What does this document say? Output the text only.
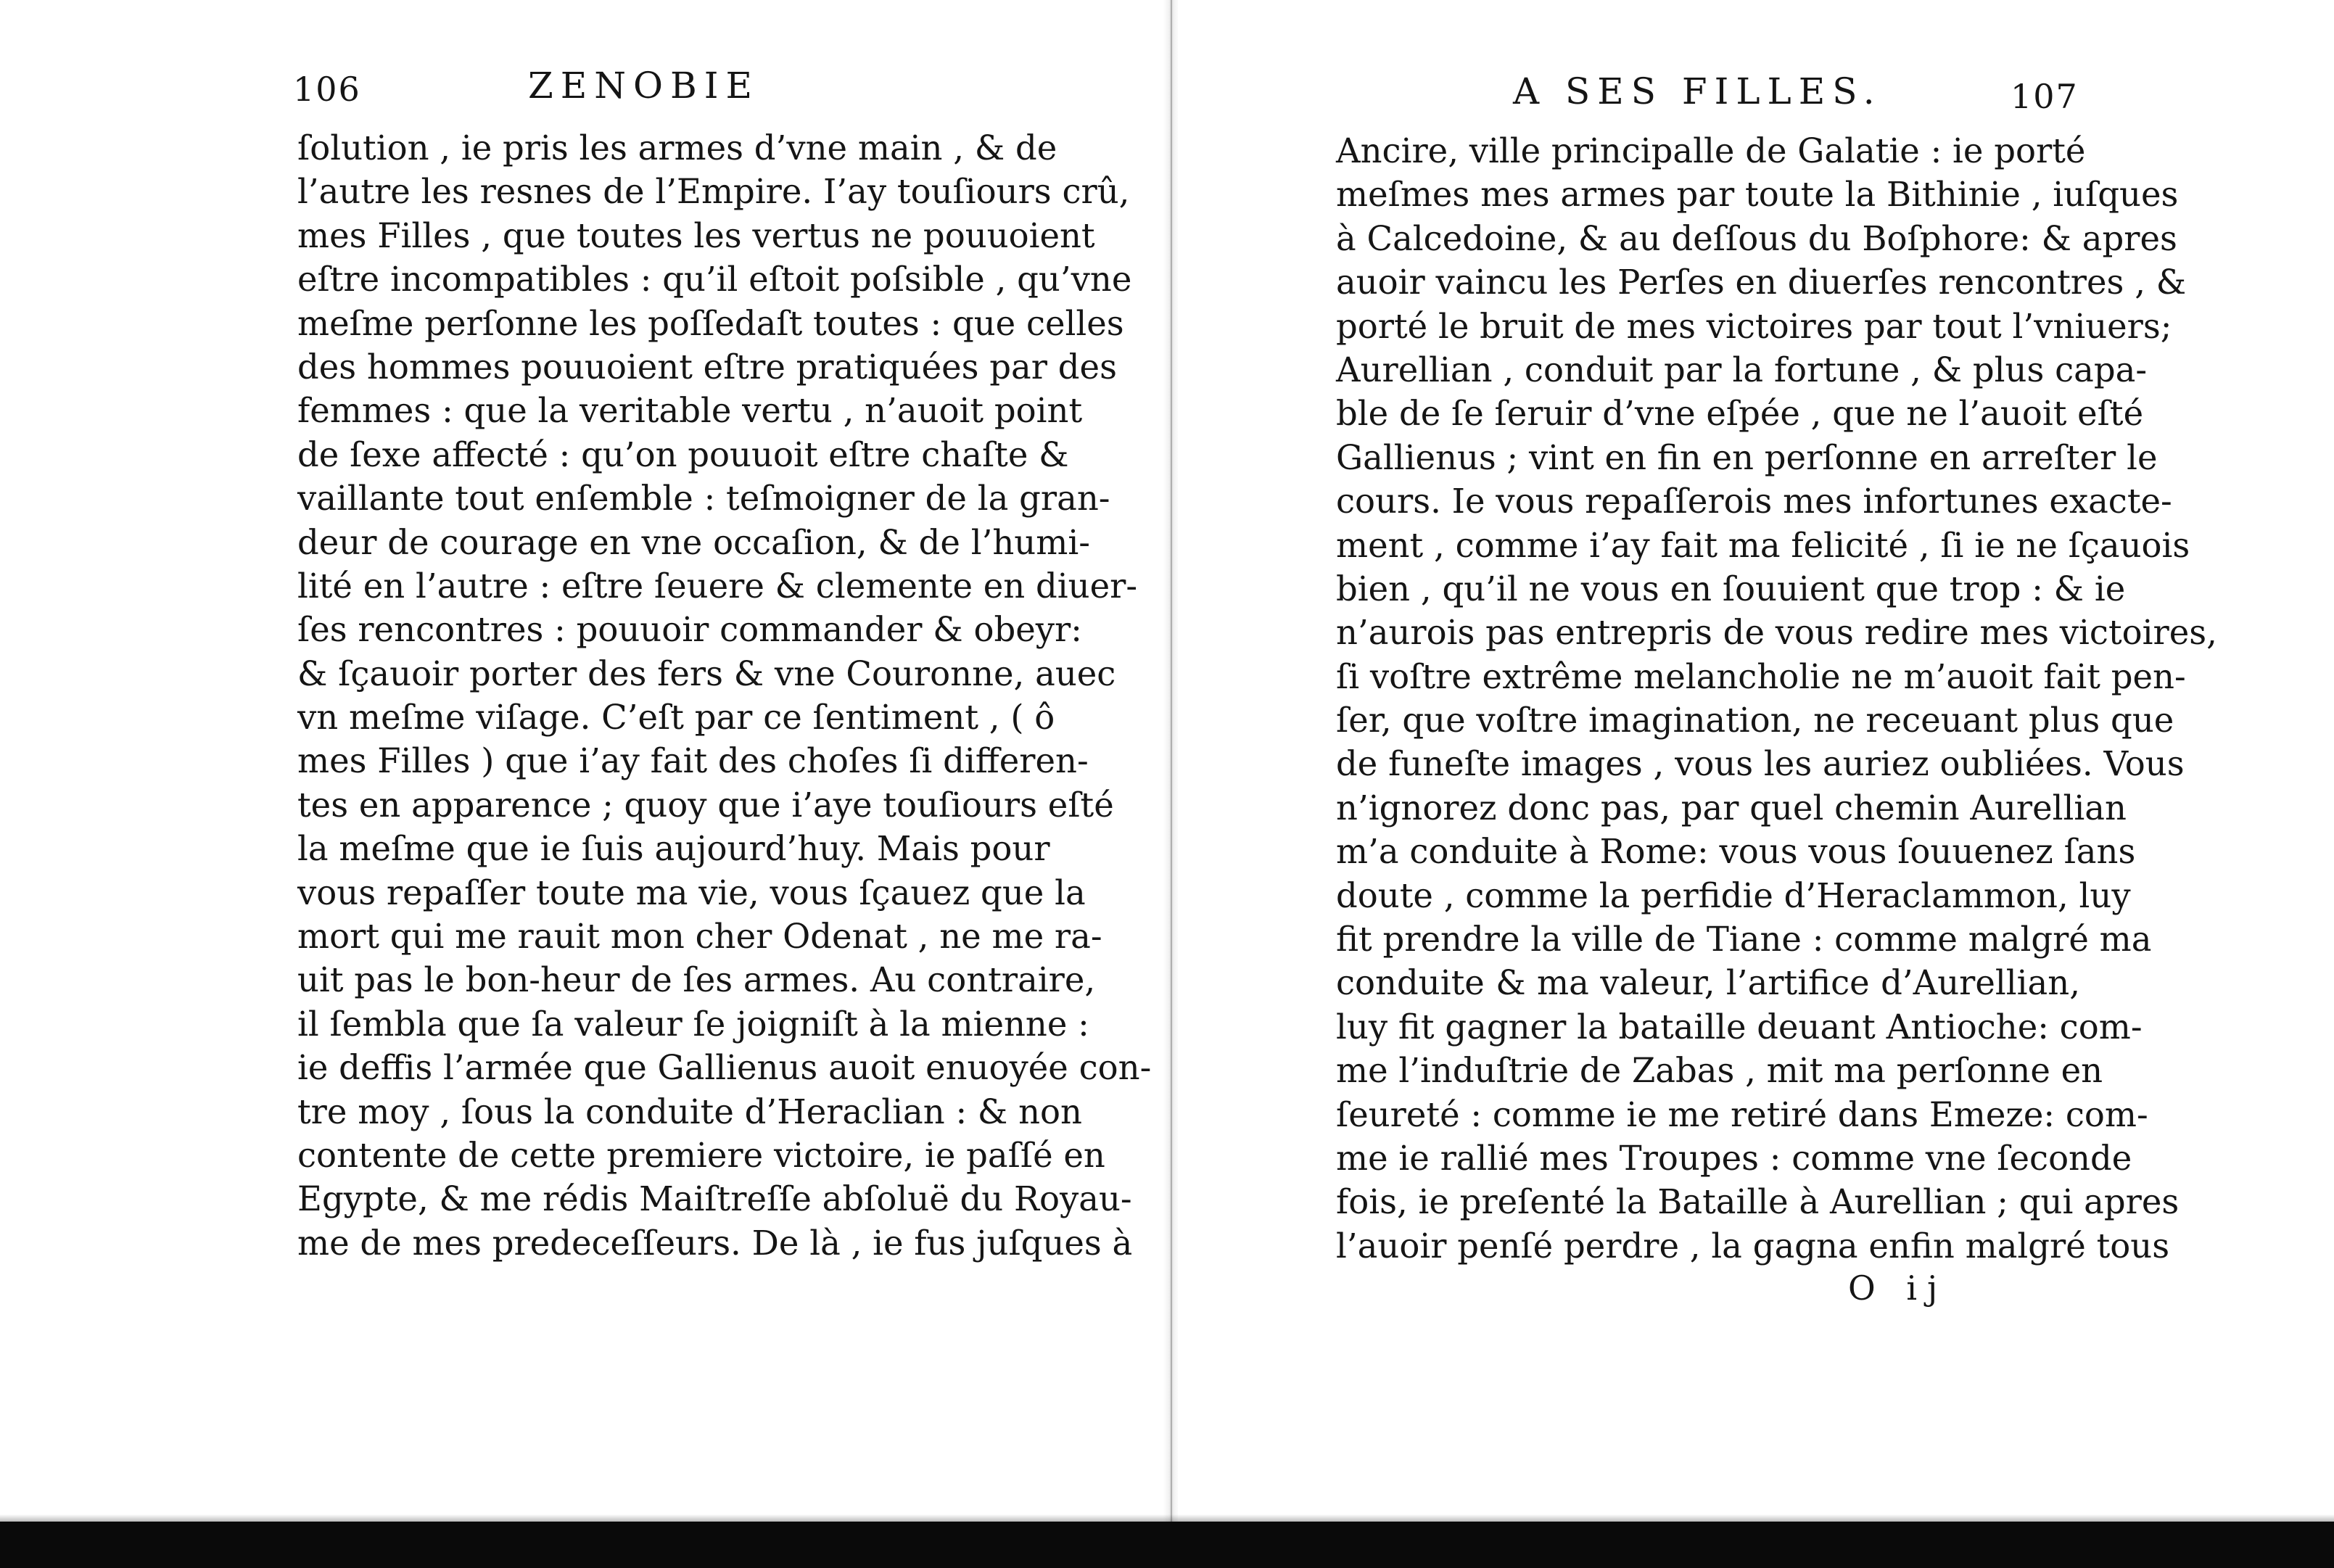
106	ZENOBIE
ſolution , ie pris les armes d’vne main , & de
l’autre les resnes de l’Empire. I’ay touſiours crû,
mes Filles , que toutes les vertus ne pouuoient
eſtre incompatibles : qu’il eſtoit poſsible , qu’vne
meſme perſonne les poſſedaſt toutes : que celles
des hommes pouuoient eſtre pratiquées par des
femmes : que la veritable vertu , n’auoit point
de ſexe affecté : qu’on pouuoit eſtre chaſte &
vaillante tout enſemble : teſmoigner de la gran-
deur de courage en vne occaſion, & de l’humi-
lité en l’autre : eſtre ſeuere & clemente en diuer-
ſes rencontres : pouuoir commander & obeyr:
& ſçauoir porter des fers & vne Couronne, auec
vn meſme viſage. C’eſt par ce ſentiment , ( ô
mes Filles ) que i’ay fait des choſes ſi differen-
tes en apparence ; quoy que i’aye touſiours eſté
la meſme que ie ſuis aujourd’huy. Mais pour
vous repaſſer toute ma vie, vous ſçauez que la
mort qui me rauit mon cher Odenat , ne me ra-
uit pas le bon-heur de ſes armes. Au contraire,
il ſembla que ſa valeur ſe joigniſt à la mienne :
ie deffis l’armée que Gallienus auoit enuoyée con-
tre moy , ſous la conduite d’Heraclian : & non
contente de cette premiere victoire, ie paſſé en
Egypte, & me rédis Maiſtreſſe abſoluë du Royau-
me de mes predeceſſeurs. De là , ie fus juſques à
A SES FILLES.	107
Ancire, ville principalle de Galatie : ie porté
meſmes mes armes par toute la Bithinie , iuſques
à Calcedoine, & au deſſous du Boſphore: & apres
auoir vaincu les Perſes en diuerſes rencontres , &
porté le bruit de mes victoires par tout l’vniuers;
Aurellian , conduit par la fortune , & plus capa-
ble de ſe ſeruir d’vne eſpée , que ne l’auoit eſté
Gallienus ; vint en fin en perſonne en arreſter le
cours. Ie vous repaſſerois mes infortunes exacte-
ment , comme i’ay fait ma felicité , ſi ie ne ſçauois
bien , qu’il ne vous en ſouuient que trop : & ie
n’aurois pas entrepris de vous redire mes victoires,
ſi voſtre extrême melancholie ne m’auoit fait pen-
ſer, que voſtre imagination, ne receuant plus que
de funeſte images , vous les auriez oubliées. Vous
n’ignorez donc pas, par quel chemin Aurellian
m’a conduite à Rome: vous vous ſouuenez ſans
doute , comme la perfidie d’Heraclammon, luy
fit prendre la ville de Tiane : comme malgré ma
conduite & ma valeur, l’artifice d’Aurellian,
luy fit gagner la bataille deuant Antioche: com-
me l’induſtrie de Zabas , mit ma perſonne en
ſeureté : comme ie me retiré dans Emeze: com-
me ie rallié mes Troupes : comme vne ſeconde
fois, ie preſenté la Bataille à Aurellian ; qui apres
l’auoir penſé perdre , la gagna enfin malgré tous
O ij
